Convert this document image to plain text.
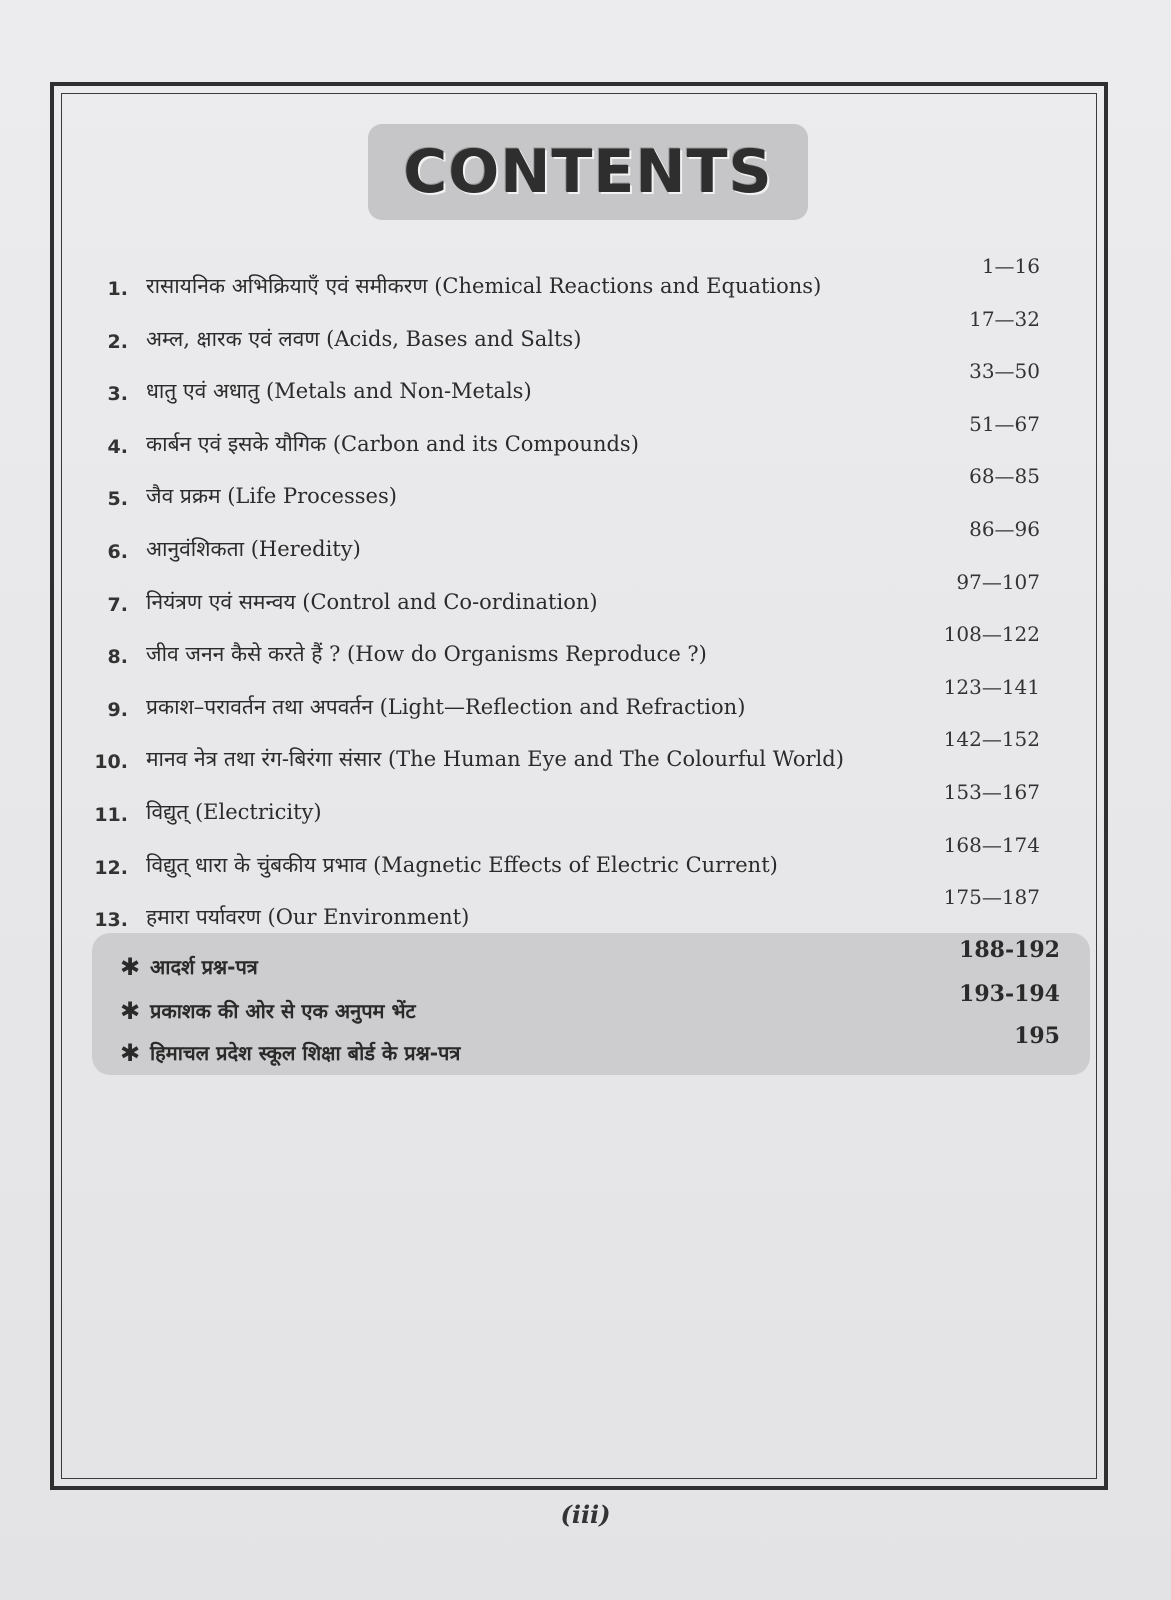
CONTENTS
1. रासायनिक अभिक्रियाएँ एवं समीकरण (Chemical Reactions and Equations)
1—16
2. अम्ल, क्षारक एवं लवण (Acids, Bases and Salts)
17—32
3. धातु एवं अधातु (Metals and Non-Metals)
33—50
4. कार्बन एवं इसके यौगिक (Carbon and its Compounds)
51—67
5. जैव प्रक्रम (Life Processes)
68—85
6. आनुवंशिकता (Heredity)
86—96
7. नियंत्रण एवं समन्वय (Control and Co-ordination)
97—107
8. जीव जनन कैसे करते हैं ? (How do Organisms Reproduce ?)
108—122
9. प्रकाश–परावर्तन तथा अपवर्तन (Light—Reflection and Refraction)
123—141
10. मानव नेत्र तथा रंग-बिरंगा संसार (The Human Eye and The Colourful World)
142—152
11. विद्युत् (Electricity)
153—167
12. विद्युत् धारा के चुंबकीय प्रभाव (Magnetic Effects of Electric Current)
168—174
13. हमारा पर्यावरण (Our Environment)
175—187
✱ आदर्श प्रश्न-पत्र
188-192
✱ प्रकाशक की ओर से एक अनुपम भेंट
193-194
✱ हिमाचल प्रदेश स्कूल शिक्षा बोर्ड के प्रश्न-पत्र
195
(iii)
